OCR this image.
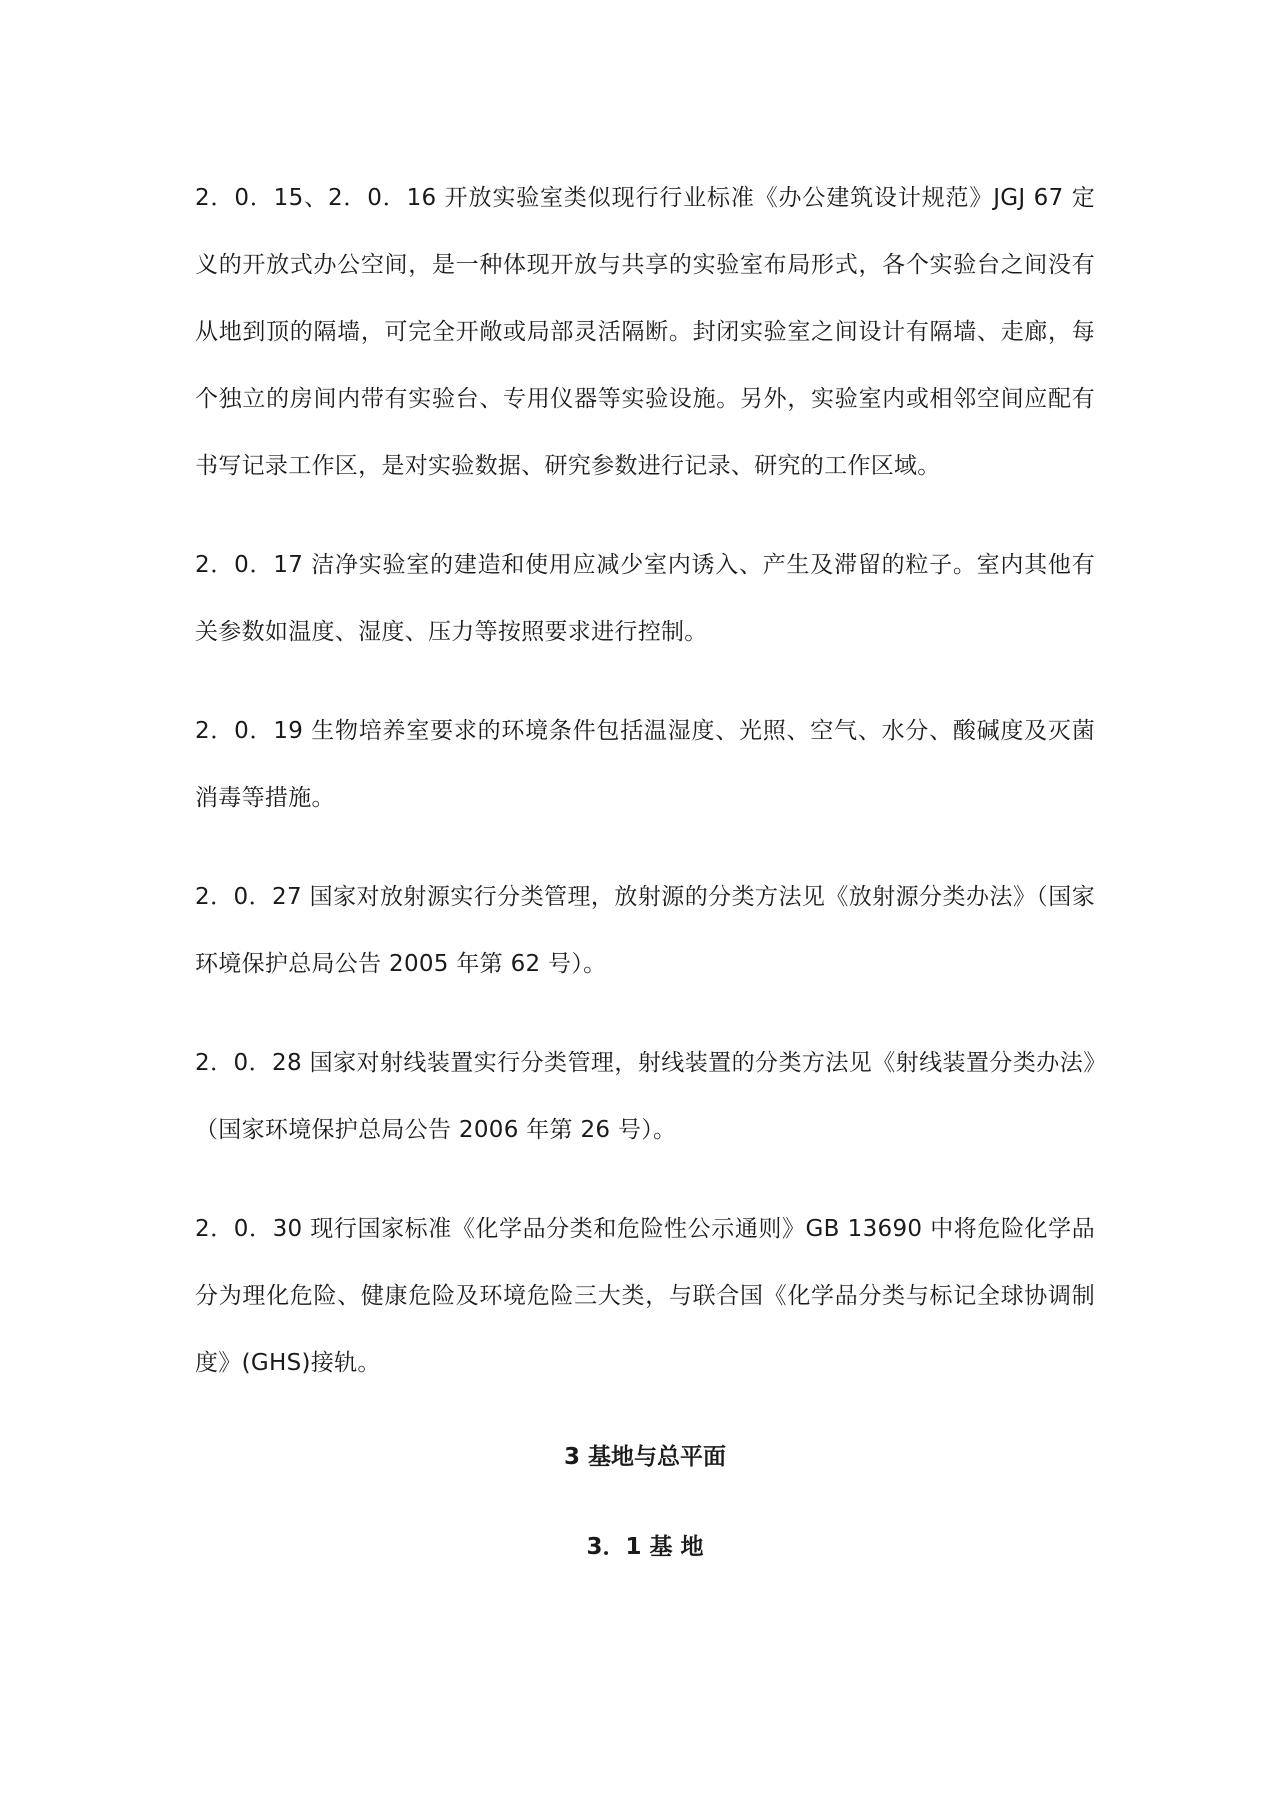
2．0．15、2．0．16 开放实验室类似现行行业标准《办公建筑设计规范》JGJ 67 定义的开放式办公空间，是一种体现开放与共享的实验室布局形式，各个实验台之间没有从地到顶的隔墙，可完全开敞或局部灵活隔断。封闭实验室之间设计有隔墙、走廊，每个独立的房间内带有实验台、专用仪器等实验设施。另外，实验室内或相邻空间应配有书写记录工作区，是对实验数据、研究参数进行记录、研究的工作区域。

2．0．17 洁净实验室的建造和使用应减少室内诱入、产生及滞留的粒子。室内其他有关参数如温度、湿度、压力等按照要求进行控制。

2．0．19 生物培养室要求的环境条件包括温湿度、光照、空气、水分、酸碱度及灭菌消毒等措施。

2．0．27 国家对放射源实行分类管理，放射源的分类方法见《放射源分类办法》（国家环境保护总局公告 2005 年第 62 号）。

2．0．28 国家对射线装置实行分类管理，射线装置的分类方法见《射线装置分类办法》（国家环境保护总局公告 2006 年第 26 号）。

2．0．30 现行国家标准《化学品分类和危险性公示通则》GB 13690 中将危险化学品分为理化危险、健康危险及环境危险三大类，与联合国《化学品分类与标记全球协调制度》(GHS)接轨。

3 基地与总平面
3．1 基 地
